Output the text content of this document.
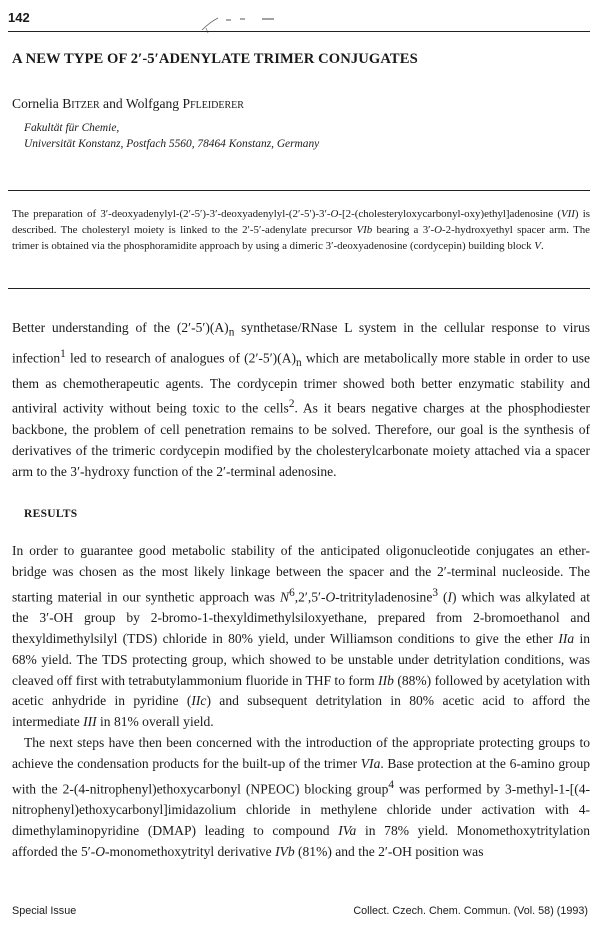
142
A NEW TYPE OF 2′-5′ADENYLATE TRIMER CONJUGATES
Cornelia Bitzer and Wolfgang Pfleiderer
Fakultät für Chemie,
Universität Konstanz, Postfach 5560, 78464 Konstanz, Germany
The preparation of 3′-deoxyadenylyl-(2′-5′)-3′-deoxyadenylyl-(2′-5′)-3′-O-[2-(cholesteryloxycarbonyl-oxy)ethyl]adenosine (VII) is described. The cholesteryl moiety is linked to the 2′-5′-adenylate precursor VIb bearing a 3′-O-2-hydroxyethyl spacer arm. The trimer is obtained via the phosphoramidite approach by using a dimeric 3′-deoxyadenosine (cordycepin) building block V.

Better understanding of the $(2'-5')(A)_n$ synthetase/RNase L system in the cellular response to virus infection$^1$ led to research of analogues of $(2'-5')(A)_n$ which are metabolically more stable in order to use them as chemotherapeutic agents. The cordycepin trimer showed both better enzymatic stability and antiviral activity without being toxic to the cells$^2$. As it bears negative charges at the phosphodiester backbone, the problem of cell penetration remains to be solved. Therefore, our goal is the synthesis of derivatives of the trimeric cordycepin modified by the cholesterylcarbonate moiety attached via a spacer arm to the 3′-hydroxy function of the 2′-terminal adenosine.

RESULTS

In order to guarantee good metabolic stability of the anticipated oligonucleotide conjugates an ether-bridge was chosen as the most likely linkage between the spacer and the 2′-terminal nucleoside. The starting material in our synthetic approach was $N^6,2',5'-O-tritrityladenosine^3$ (I) which was alkylated at the 3′-OH group by 2-bromo-1-thexyldimethylsiloxyethane, prepared from 2-bromoethanol and thexyldimethylsilyl (TDS) chloride in 80% yield, under Williamson conditions to give the ether IIa in 68% yield. The TDS protecting group, which showed to be unstable under detritylation conditions, was cleaved off first with tetrabutylammonium fluoride in THF to form IIb (88%) followed by acetylation with acetic anhydride in pyridine (IIc) and subsequent detritylation in 80% acetic acid to afford the intermediate III in 81% overall yield.

The next steps have then been concerned with the introduction of the appropriate protecting groups to achieve the condensation products for the built-up of the trimer VIa. Base protection at the 6-amino group with the 2-(4-nitrophenyl)ethoxycarbonyl (NPEOC) blocking group$^4$ was performed by 3-methyl-1-[(4-nitrophenyl)ethoxycarbonyl]imidazolium chloride in methylene chloride under activation with 4-dimethylaminopyridine (DMAP) leading to compound IVa in 78% yield. Monomethoxytritylation afforded the 5′-O-monomethoxytrityl derivative IVb (81%) and the 2′-OH position was

Special Issue	Collect. Czech. Chem. Commun. (Vol. 58) (1993)
